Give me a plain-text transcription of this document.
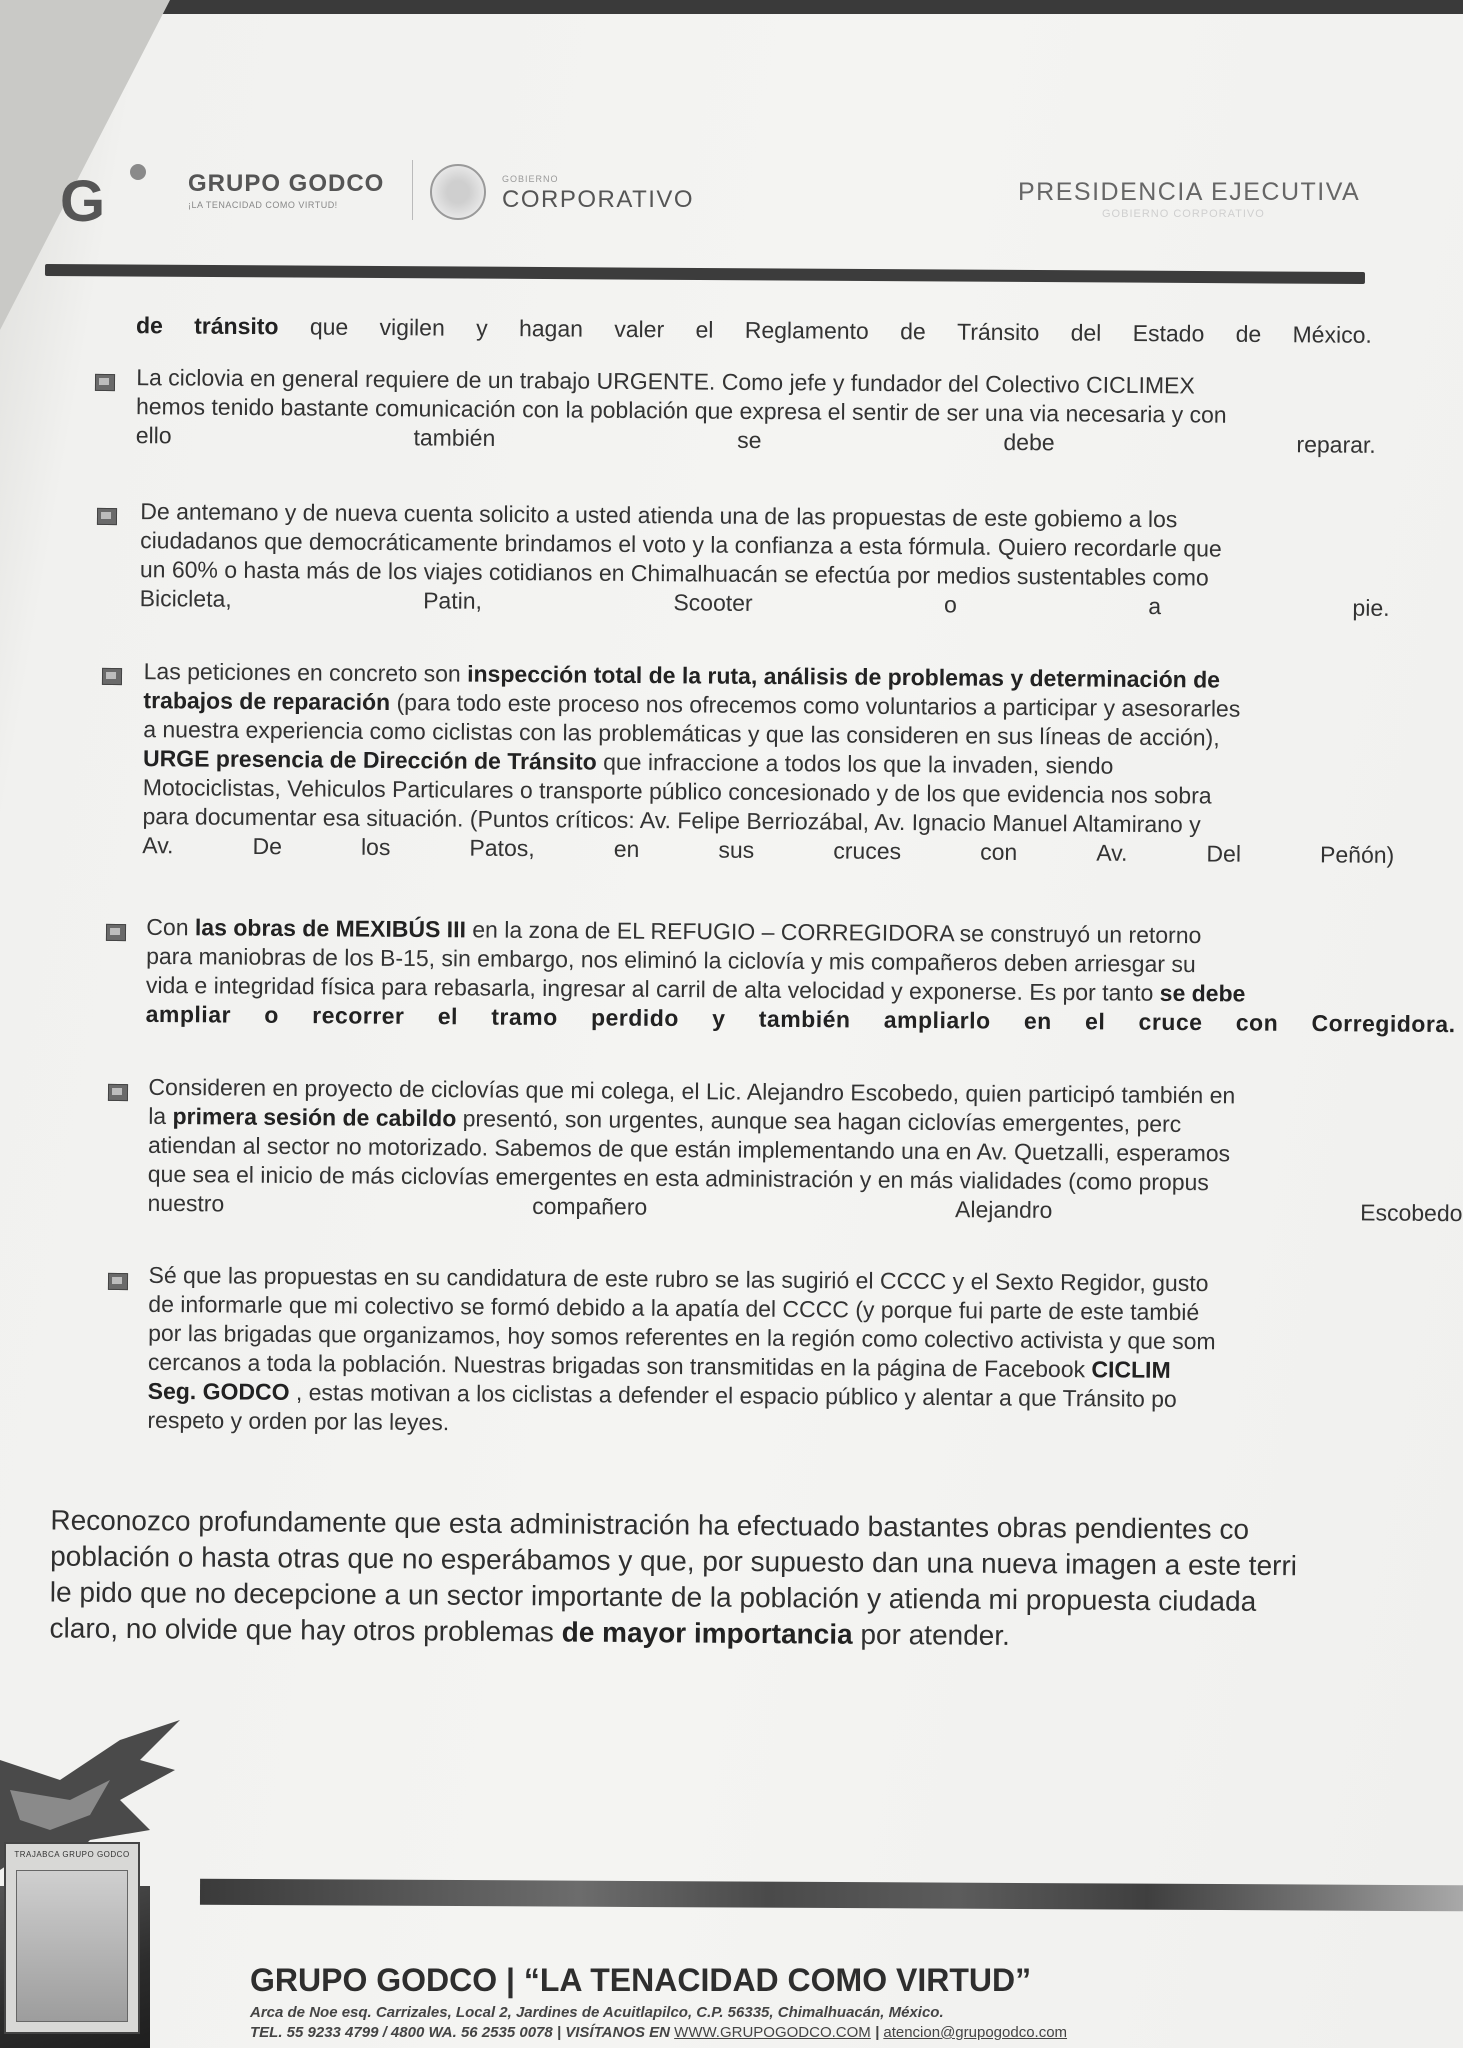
G	GRUPO GODCO
¡LA TENACIDAD COMO VIRTUD!
GOBIERNO
CORPORATIVO	PRESIDENCIA EJECUTIVA
GOBIERNO CORPORATIVO
de tránsito que vigilen y hagan valer el Reglamento de Tránsito del Estado de México.
La ciclovia en general requiere de un trabajo URGENTE. Como jefe y fundador del Colectivo CICLIMEX
hemos tenido bastante comunicación con la población que expresa el sentir de ser una via necesaria y con
ello	también	se	debe	reparar.
De antemano y de nueva cuenta solicito a usted atienda una de las propuestas de este gobiemo a los
ciudadanos que democráticamente brindamos el voto y la confianza a esta fórmula. Quiero recordarle que
un 60% o hasta más de los viajes cotidianos en Chimalhuacán se efectúa por medios sustentables como
Bicicleta,	Patin,	Scooter	o	a	pie.
Las peticiones en concreto son inspección total de la ruta, análisis de problemas y determinación de
trabajos de reparación (para todo este proceso nos ofrecemos como voluntarios a participar y asesorarles
a nuestra experiencia como ciclistas con las problemáticas y que las consideren en sus líneas de acción),
URGE presencia de Dirección de Tránsito que infraccione a todos los que la invaden, siendo
Motociclistas, Vehiculos Particulares o transporte público concesionado y de los que evidencia nos sobra
para documentar esa situación. (Puntos críticos: Av. Felipe Berriozábal, Av. Ignacio Manuel Altamirano y
Av.	De	los	Patos,	en	sus	cruces	con	Av.	Del	Peñón)
Con las obras de MEXIBÚS III en la zona de EL REFUGIO – CORREGIDORA se construyó un retorno
para maniobras de los B-15, sin embargo, nos eliminó la ciclovía y mis compañeros deben arriesgar su
vida e integridad física para rebasarla, ingresar al carril de alta velocidad y exponerse. Es por tanto se debe
ampliar o recorrer el tramo perdido y también ampliarlo en el cruce con Corregidora.
Consideren en proyecto de ciclovías que mi colega, el Lic. Alejandro Escobedo, quien participó también en
la primera sesión de cabildo presentó, son urgentes, aunque sea hagan ciclovías emergentes, perc
atiendan al sector no motorizado. Sabemos de que están implementando una en Av. Quetzalli, esperamos
que sea el inicio de más ciclovías emergentes en esta administración y en más vialidades (como propus
nuestro	compañero	Alejandro	Escobedo
Sé que las propuestas en su candidatura de este rubro se las sugirió el CCCC y el Sexto Regidor, gusto
de informarle que mi colectivo se formó debido a la apatía del CCCC (y porque fui parte de este tambié
por las brigadas que organizamos, hoy somos referentes en la región como colectivo activista y que som
cercanos a toda la población. Nuestras brigadas son transmitidas en la página de Facebook CICLIM
Seg. GODCO , estas motivan a los ciclistas a defender el espacio público y alentar a que Tránsito po
respeto y orden por las leyes.
Reconozco profundamente que esta administración ha efectuado bastantes obras pendientes co
población o hasta otras que no esperábamos y que, por supuesto dan una nueva imagen a este terri
le pido que no decepcione a un sector importante de la población y atienda mi propuesta ciudada
claro, no olvide que hay otros problemas de mayor importancia por atender.
TRAJABCA GRUPO GODCO
GRUPO GODCO | “LA TENACIDAD COMO VIRTUD”
Arca de Noe esq. Carrizales, Local 2, Jardines de Acuitlapilco, C.P. 56335, Chimalhuacán, México.
TEL. 55 9233 4799 / 4800 WA. 56 2535 0078 | VISÍTANOS EN WWW.GRUPOGODCO.COM | atencion@grupogodco.com
